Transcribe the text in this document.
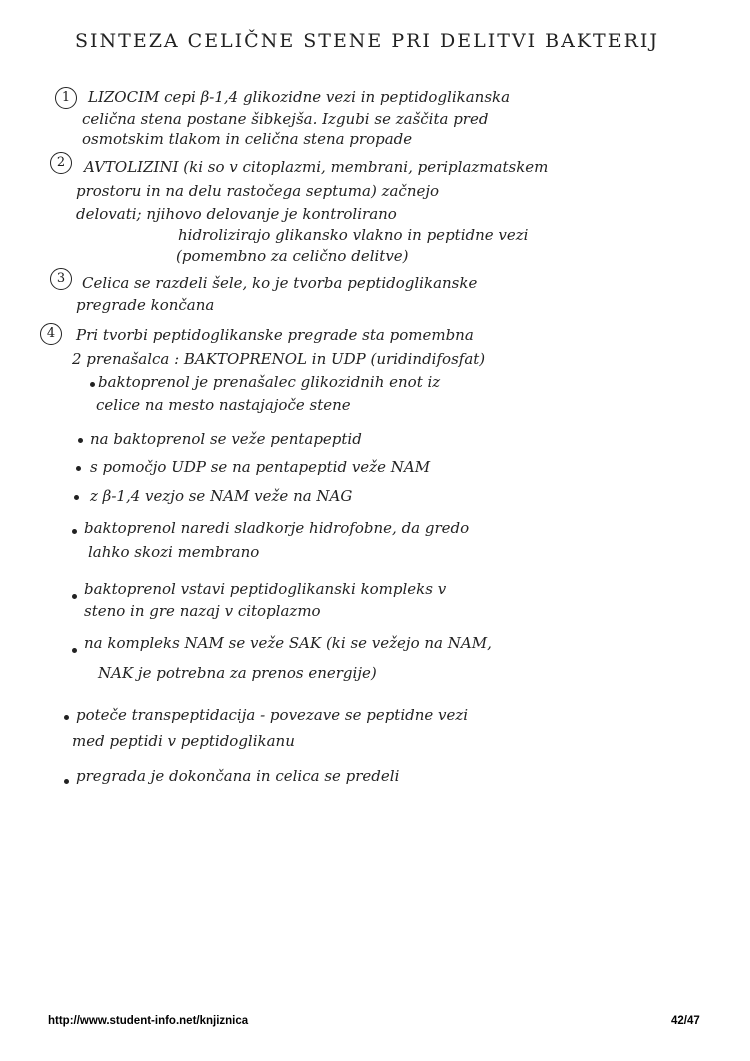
SINTEZA CELIČNE STENE PRI DELITVI BAKTERIJ
1	LIZOCIM cepi β-1,4 glikozidne vezi in peptidoglikanska
celična stena postane šibkejša. Izgubi se zaščita pred
osmotskim tlakom in celična stena propade
2	AVTOLIZINI (ki so v citoplazmi, membrani, periplazmatskem
prostoru in na delu rastočega septuma) začnejo
delovati; njihovo delovanje je kontrolirano
hidrolizirajo glikansko vlakno in peptidne vezi
(pomembno za celično delitve)
3	Celica se razdeli šele, ko je tvorba peptidoglikanske
pregrade končana
4	Pri tvorbi peptidoglikanske pregrade sta pomembna
2 prenašalca : BAKTOPRENOL in UDP (uridindifosfat)
baktoprenol je prenašalec glikozidnih enot iz
celice na mesto nastajajoče stene
na baktoprenol se veže pentapeptid
s pomočjo UDP se na pentapeptid veže NAM
z β-1,4 vezjo se NAM veže na NAG
baktoprenol naredi sladkorje hidrofobne, da gredo
lahko skozi membrano
baktoprenol vstavi peptidoglikanski kompleks v
steno in gre nazaj v citoplazmo
na kompleks NAM se veže SAK (ki se vežejo na NAM,
NAK je potrebna za prenos energije)
poteče transpeptidacija - povezave se peptidne vezi
med peptidi v peptidoglikanu
pregrada je dokončana in celica se predeli
http://www.student-info.net/knjiznica	42/47
